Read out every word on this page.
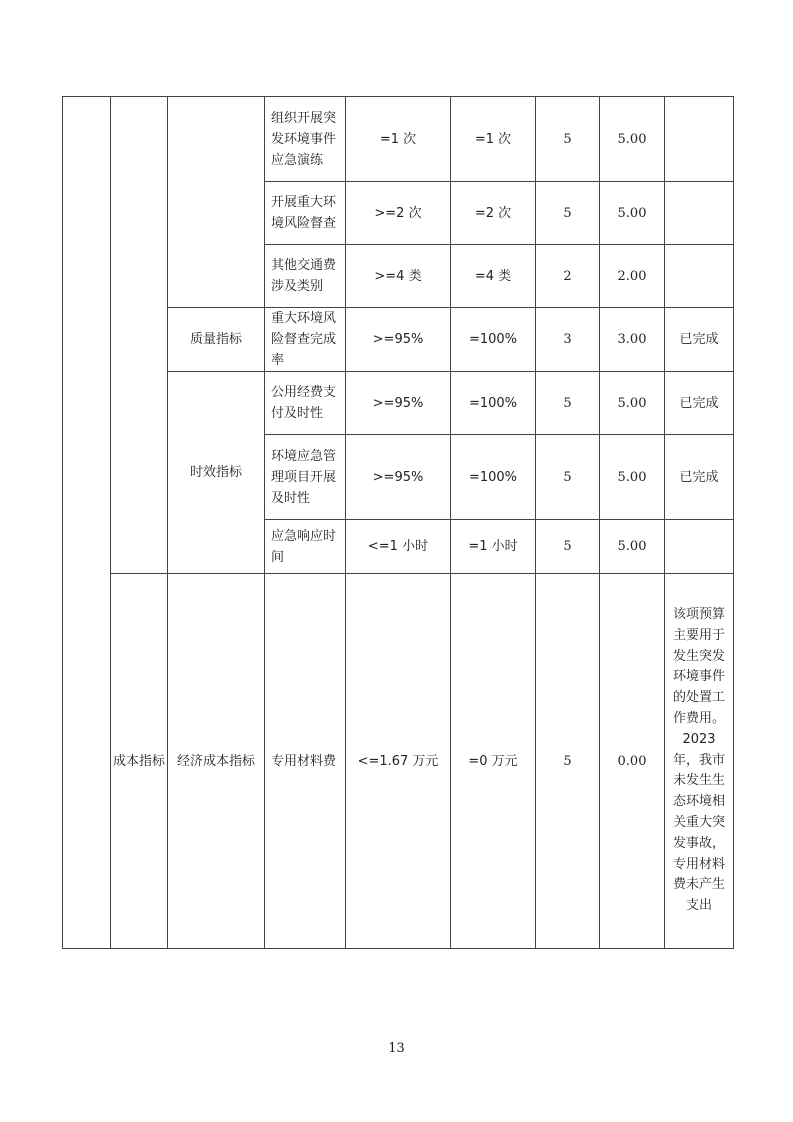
			组织开展突发环境事件应急演练	=1 次	=1 次	5	5.00	
			开展重大环境风险督查	>=2 次	=2 次	5	5.00	
			其他交通费涉及类别	>=4 类	=4 类	2	2.00	
		质量指标	重大环境风险督查完成率	>=95%	=100%	3	3.00	已完成
		时效指标	公用经费支付及时性	>=95%	=100%	5	5.00	已完成
			环境应急管理项目开展及时性	>=95%	=100%	5	5.00	已完成
			应急响应时间	<=1 小时	=1 小时	5	5.00	
	成本指标	经济成本指标	专用材料费	<=1.67 万元	=0 万元	5	0.00	该项预算主要用于发生突发环境事件的处置工作费用。2023 年，我市未发生生态环境相关重大突发事故，专用材料费未产生支出
13
